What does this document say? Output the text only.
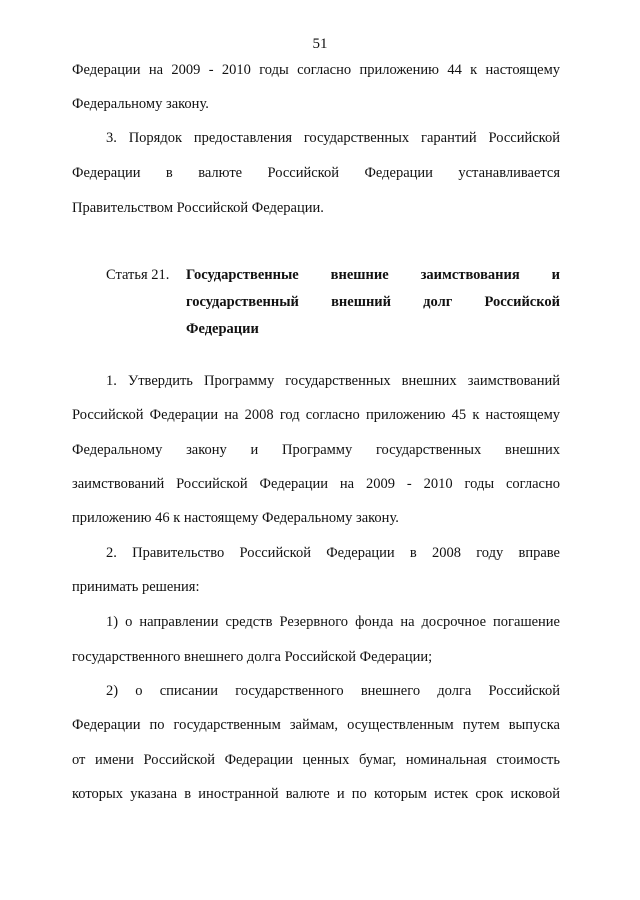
51
Федерации на 2009 - 2010 годы согласно приложению 44 к настоящему
Федеральному закону.
3. Порядок предоставления государственных гарантий Российской
Федерации в валюте Российской Федерации устанавливается
Правительством Российской Федерации.
Статья 21. Государственные внешние заимствования и
государственный внешний долг Российской
Федерации
1. Утвердить Программу государственных внешних заимствований
Российской Федерации на 2008 год согласно приложению 45 к настоящему
Федеральному закону и Программу государственных внешних
заимствований Российской Федерации на 2009 - 2010 годы согласно
приложению 46 к настоящему Федеральному закону.
2. Правительство Российской Федерации в 2008 году вправе
принимать решения:
1) о направлении средств Резервного фонда на досрочное погашение
государственного внешнего долга Российской Федерации;
2) о списании государственного внешнего долга Российской
Федерации по государственным займам, осуществленным путем выпуска
от имени Российской Федерации ценных бумаг, номинальная стоимость
которых указана в иностранной валюте и по которым истек срок исковой
